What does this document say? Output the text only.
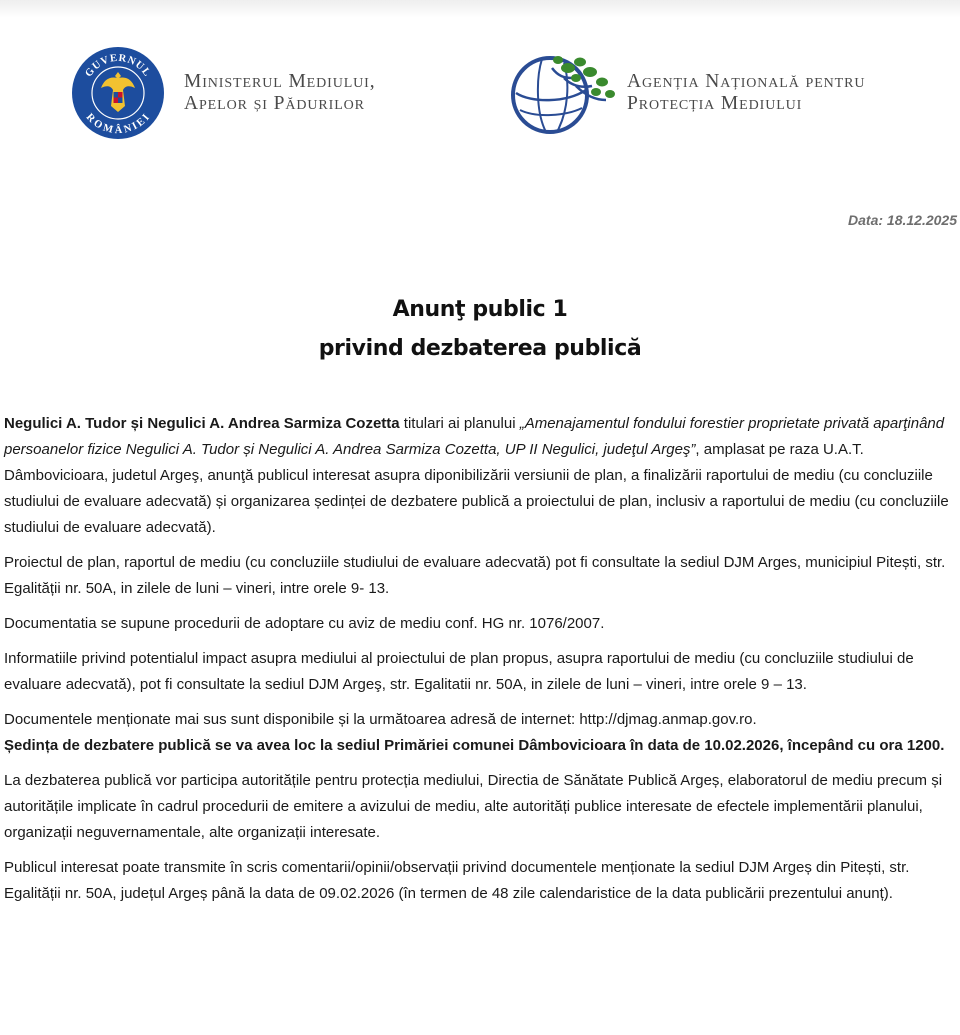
GUVERNUL
ROMÂNIEI
Ministerul Mediului,
Apelor și Pădurilor
Agenția Națională pentru
Protecția Mediului
Data: 18.12.2025
Anunţ public 1
privind dezbaterea publică

Negulici A. Tudor și Negulici A. Andrea Sarmiza Cozetta titulari ai planului „Amenajamentul fondului forestier proprietate privată aparţinând persoanelor fizice Negulici A. Tudor și Negulici A. Andrea Sarmiza Cozetta, UP II Negulici, judeţul Argeş”, amplasat pe raza U.A.T. Dâmbovicioara, judetul Argeş, anunţă publicul interesat asupra diponibilizării versiunii de plan, a finalizării raportului de mediu (cu concluziile studiului de evaluare adecvată) și organizarea ședinței de dezbatere publică a proiectului de plan, inclusiv a raportului de mediu (cu concluziile studiului de evaluare adecvată).

Proiectul de plan, raportul de mediu (cu concluziile studiului de evaluare adecvată) pot fi consultate la sediul DJM Arges, municipiul Pitești, str. Egalității nr. 50A, in zilele de luni – vineri, intre orele 9- 13.

Documentatia se supune procedurii de adoptare cu aviz de mediu conf. HG nr. 1076/2007.

Informatiile privind potentialul impact asupra mediului al proiectului de plan propus, asupra raportului de mediu (cu concluziile studiului de evaluare adecvatǎ), pot fi consultate la sediul DJM Argeş, str. Egalitatii nr. 50A, in zilele de luni – vineri, intre orele 9 – 13.

Documentele menționate mai sus sunt disponibile și la următoarea adresă de internet: http://djmag.anmap.gov.ro.

Ședința de dezbatere publică se va avea loc la sediul Primăriei comunei Dâmbovicioara în data de 10.02.2026, începând cu ora 1200.

La dezbaterea publică vor participa autoritățile pentru protecția mediului, Directia de Sănătate Publică Argeș, elaboratorul de mediu precum și autoritățile implicate în cadrul procedurii de emitere a avizului de mediu, alte autorități publice interesate de efectele implementării planului, organizații neguvernamentale, alte organizații interesate.

Publicul interesat poate transmite în scris comentarii/opinii/observații privind documentele menționate la sediul DJM Argeș din Pitești, str. Egalității nr. 50A, județul Argeș până la data de 09.02.2026 (în termen de 48 zile calendaristice de la data publicării prezentului anunț).
